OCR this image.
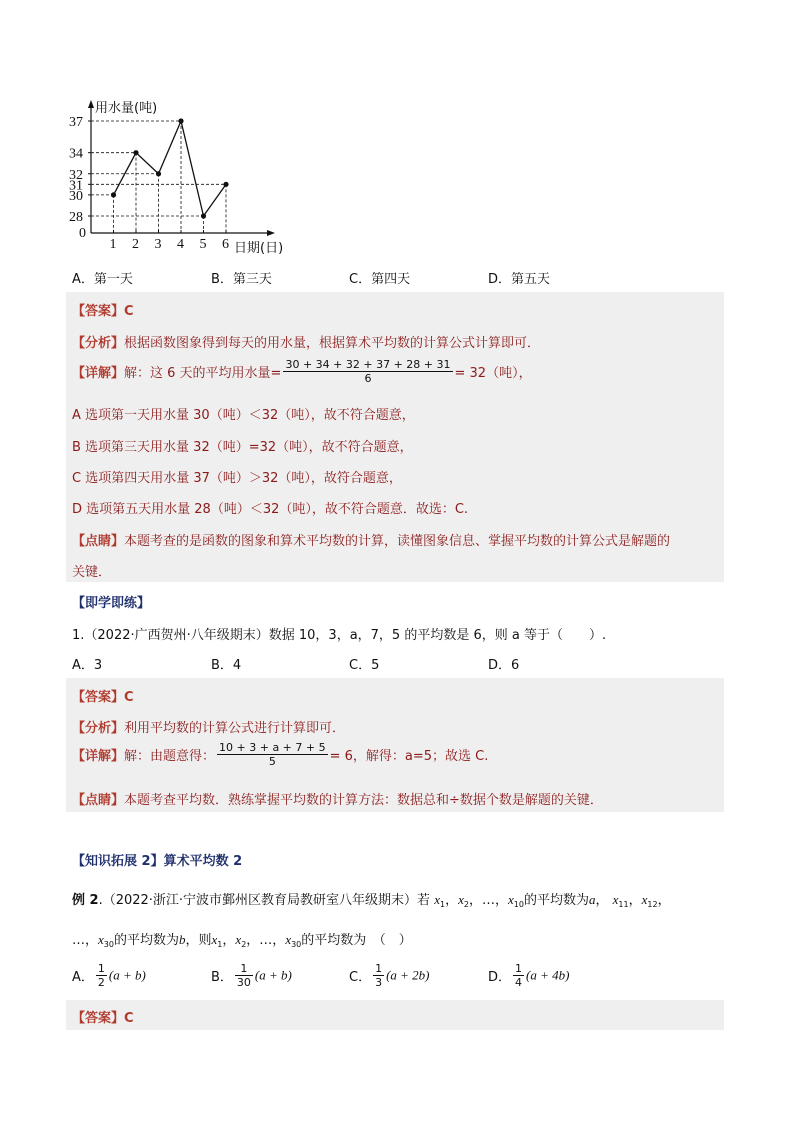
用水量(吨)
日期(日)
0
1 2 3 4 5 6
37
34
32
31
30
28
A．第一天	B．第三天	C．第四天	D．第五天
【答案】C
【分析】根据函数图象得到每天的用水量，根据算术平均数的计算公式计算即可．
【详解】解：这 6 天的平均用水量= $\frac{30 + 34 + 32 + 37 + 28 + 31}{6} = 32$（吨），
A 选项第一天用水量 30（吨）＜32（吨），故不符合题意，
B 选项第三天用水量 32（吨）=32（吨），故不符合题意，
C 选项第四天用水量 37（吨）＞32（吨），故符合题意，
D 选项第五天用水量 28（吨）＜32（吨），故不符合题意．故选：C.
【点睛】本题考查的是函数的图象和算术平均数的计算，读懂图象信息、掌握平均数的计算公式是解题的
关键．
【即学即练】
1.（2022·广西贺州·八年级期末）数据 10，3，a，7，5 的平均数是 6，则 a 等于（　　）.
A．3	B．4	C．5	D．6
【答案】C
【分析】利用平均数的计算公式进行计算即可．
【详解】解：由题意得： $\frac{10 + 3 + a + 7 + 5}{5} = 6$，解得：a=5；故选 C.
【点睛】本题考查平均数．熟练掌握平均数的计算方法：数据总和÷数据个数是解题的关键．
【知识拓展 2】算术平均数 2
例 2.（2022·浙江·宁波市鄞州区教育局教研室八年级期末）若 $x_1$，$x_2$，…，$x_{10}$的平均数为a， $x_{11}$，$x_{12}$，
…，$x_{30}$的平均数为b，则$x_1$，$x_2$，…，$x_{30}$的平均数为　（　）
A． $\frac{1}{2} (a + b)$	B． $\frac{1}{30} (a + b)$	C． $\frac{1}{3} (a + 2b)$	D． $\frac{1}{4} (a + 4b)$
【答案】C
